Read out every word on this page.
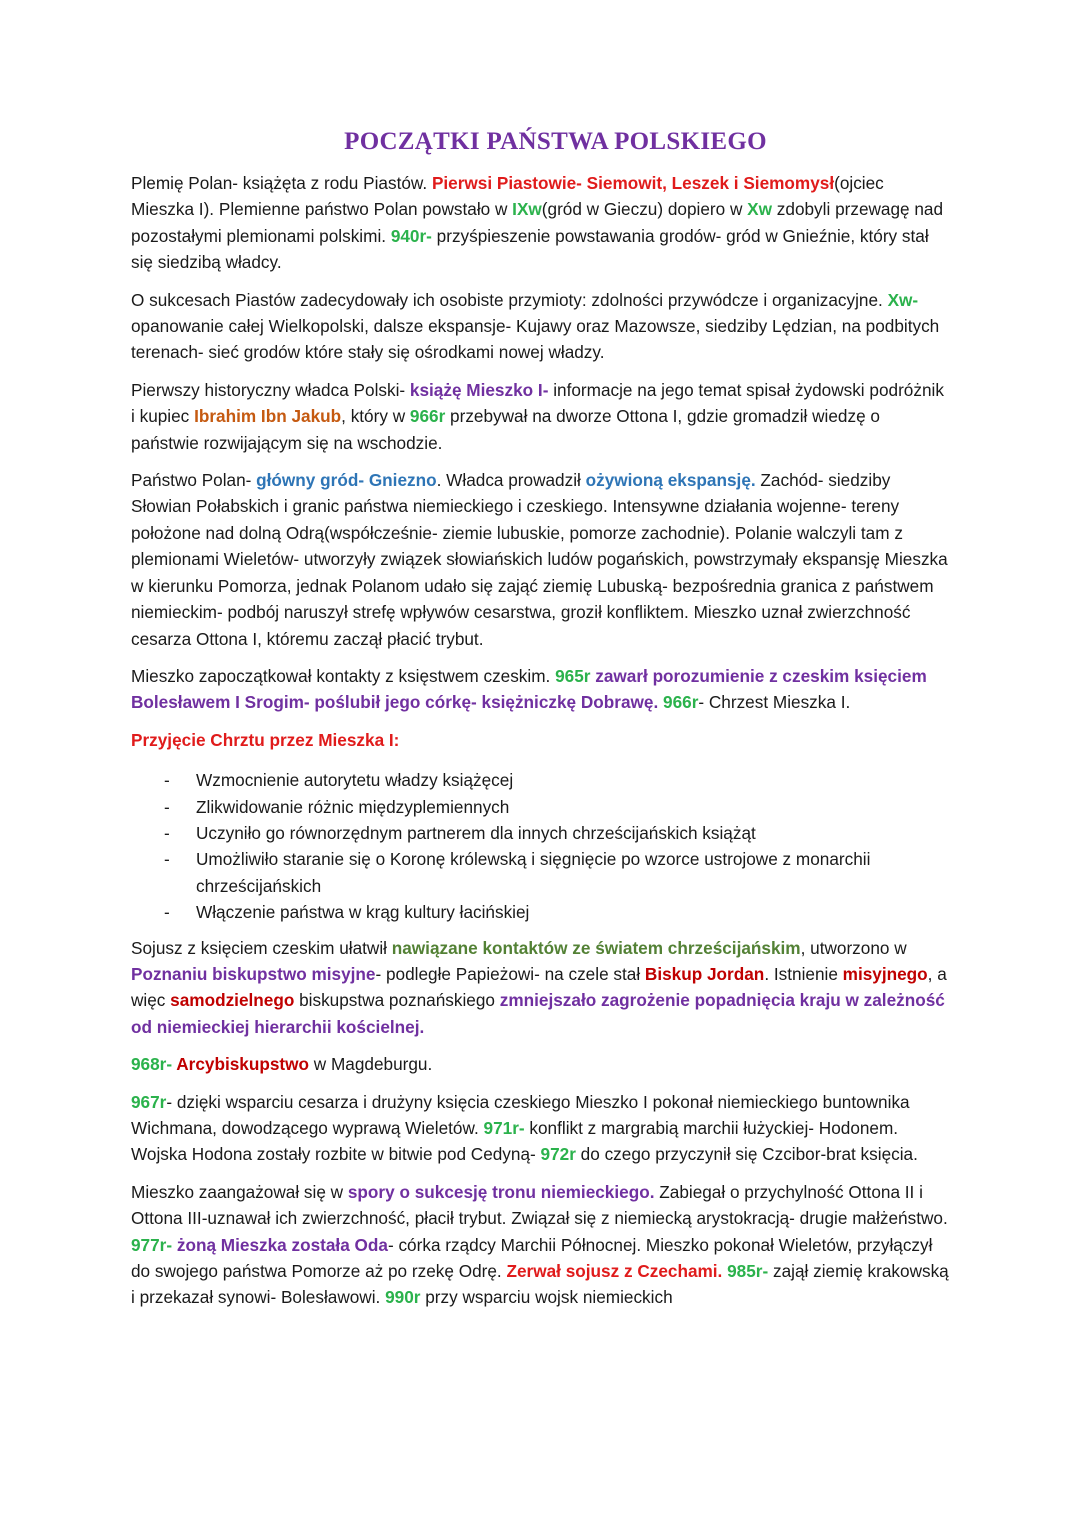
POCZĄTKI PAŃSTWA POLSKIEGO

Plemię Polan- książęta z rodu Piastów. Pierwsi Piastowie- Siemowit, Leszek i Siemomysł(ojciec Mieszka I). Plemienne państwo Polan powstało w IXw(gród w Gieczu) dopiero w Xw zdobyli przewagę nad pozostałymi plemionami polskimi. 940r- przyśpieszenie powstawania grodów- gród w Gnieźnie, który stał się siedzibą władcy.

O sukcesach Piastów zadecydowały ich osobiste przymioty: zdolności przywódcze i organizacyjne. Xw- opanowanie całej Wielkopolski, dalsze ekspansje- Kujawy oraz Mazowsze, siedziby Lędzian, na podbitych terenach- sieć grodów które stały się ośrodkami nowej władzy.

Pierwszy historyczny władca Polski- książę Mieszko I- informacje na jego temat spisał żydowski podróżnik i kupiec Ibrahim Ibn Jakub, który w 966r przebywał na dworze Ottona I, gdzie gromadził wiedzę o państwie rozwijającym się na wschodzie.

Państwo Polan- główny gród- Gniezno. Władca prowadził ożywioną ekspansję. Zachód- siedziby Słowian Połabskich i granic państwa niemieckiego i czeskiego. Intensywne działania wojenne- tereny położone nad dolną Odrą(współcześnie- ziemie lubuskie, pomorze zachodnie). Polanie walczyli tam z plemionami Wieletów- utworzyły związek słowiańskich ludów pogańskich, powstrzymały ekspansję Mieszka w kierunku Pomorza, jednak Polanom udało się zająć ziemię Lubuską- bezpośrednia granica z państwem niemieckim- podbój naruszył strefę wpływów cesarstwa, groził konfliktem. Mieszko uznał zwierzchność cesarza Ottona I, któremu zaczął płacić trybut.

Mieszko zapoczątkował kontakty z księstwem czeskim. 965r zawarł porozumienie z czeskim księciem Bolesławem I Srogim- poślubił jego córkę- księżniczkę Dobrawę. 966r- Chrzest Mieszka I.

Przyjęcie Chrztu przez Mieszka I:

- Wzmocnienie autorytetu władzy książęcej
- Zlikwidowanie różnic międzyplemiennych
- Uczyniło go równorzędnym partnerem dla innych chrześcijańskich książąt
- Umożliwiło staranie się o Koronę królewską i sięgnięcie po wzorce ustrojowe z monarchii chrześcijańskich
- Włączenie państwa w krąg kultury łacińskiej

Sojusz z księciem czeskim ułatwił nawiązane kontaktów ze światem chrześcijańskim, utworzono w Poznaniu biskupstwo misyjne- podległe Papieżowi- na czele stał Biskup Jordan. Istnienie misyjnego, a więc samodzielnego biskupstwa poznańskiego zmniejszało zagrożenie popadnięcia kraju w zależność od niemieckiej hierarchii kościelnej.

968r- Arcybiskupstwo w Magdeburgu.

967r- dzięki wsparciu cesarza i drużyny księcia czeskiego Mieszko I pokonał niemieckiego buntownika Wichmana, dowodzącego wyprawą Wieletów. 971r- konflikt z margrabią marchii łużyckiej- Hodonem. Wojska Hodona zostały rozbite w bitwie pod Cedyną- 972r do czego przyczynił się Czcibor-brat księcia.

Mieszko zaangażował się w spory o sukcesję tronu niemieckiego. Zabiegał o przychylność Ottona II i Ottona III-uznawał ich zwierzchność, płacił trybut. Związał się z niemiecką arystokracją- drugie małżeństwo. 977r- żoną Mieszka została Oda- córka rządcy Marchii Północnej. Mieszko pokonał Wieletów, przyłączył do swojego państwa Pomorze aż po rzekę Odrę. Zerwał sojusz z Czechami. 985r- zajął ziemię krakowską i przekazał synowi- Bolesławowi. 990r przy wsparciu wojsk niemieckich
